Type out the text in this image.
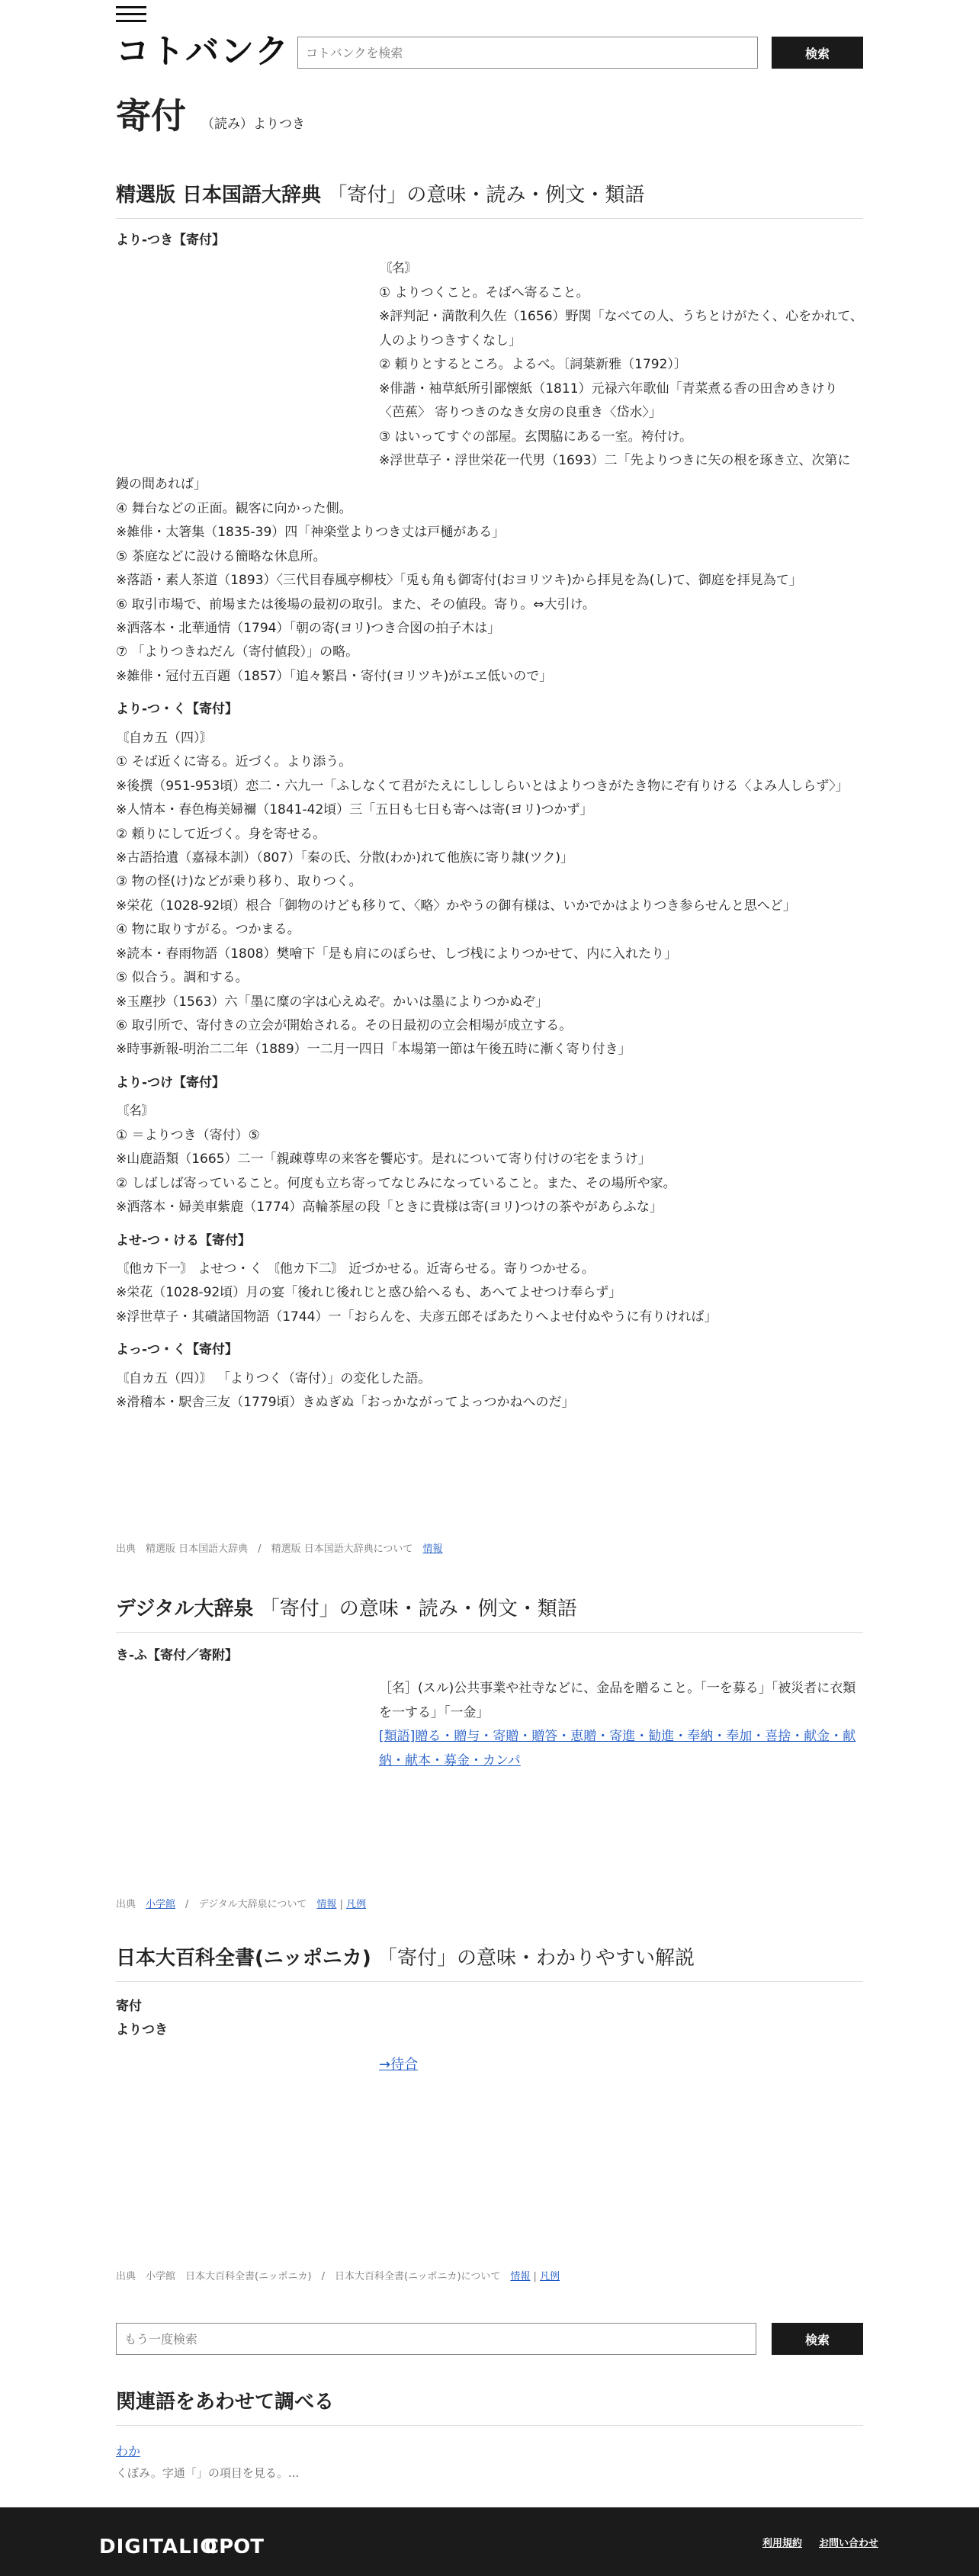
コトバンク
コトバンクを検索	検索
寄付 （読み）よりつき
精選版 日本国語大辞典 「寄付」の意味・読み・例文・類語
より‐つき【寄付】
〘名〙
① よりつくこと。そばへ寄ること。
※評判記・満散利久佐（1656）野関「なべての人、うちとけがたく、心をかれて、人のよりつきすくなし」
② 頼りとするところ。よるべ。〔詞葉新雅（1792）〕
※俳諧・袖草紙所引鄙懐紙（1811）元禄六年歌仙「青菜煮る香の田舎めきけり〈芭蕉〉 寄りつきのなき女房の良重き〈岱水〉」
③ はいってすぐの部屋。玄関脇にある一室。袴付け。
※浮世草子・浮世栄花一代男（1693）二「先よりつきに矢の根を琢き立、次第に鏝の間あれば」
④ 舞台などの正面。観客に向かった側。
※雑俳・太箸集（1835‐39）四「神楽堂よりつき丈は戸樋がある」
⑤ 茶庭などに設ける簡略な休息所。
※落語・素人茶道（1893）〈三代目春風亭柳枝〉「兎も角も御寄付(おヨリツキ)から拝見を為(し)て、御庭を拝見為て」
⑥ 取引市場で、前場または後場の最初の取引。また、その値段。寄り。⇔大引け。
※洒落本・北華通情（1794）「朝の寄(ヨリ)つき合図の拍子木は」
⑦ 「よりつきねだん（寄付値段）」の略。
※雑俳・冠付五百題（1857）「追々繁昌・寄付(ヨリツキ)がエヱ低いので」
より‐つ・く【寄付】
〘自カ五（四）〙
① そば近くに寄る。近づく。より添う。
※後撰（951‐953頃）恋二・六九一「ふしなくて君がたえにしししらいとはよりつきがたき物にぞ有りける〈よみ人しらず〉」
※人情本・春色梅美婦禰（1841‐42頃）三「五日も七日も寄へは寄(ヨリ)つかず」
② 頼りにして近づく。身を寄せる。
※古語拾遺（嘉禄本訓）（807）「秦の氏、分散(わか)れて他族に寄り隷(ツク)」
③ 物の怪(け)などが乗り移り、取りつく。
※栄花（1028‐92頃）根合「御物のけども移りて、〈略〉かやうの御有様は、いかでかはよりつき参らせんと思へど」
④ 物に取りすがる。つかまる。
※読本・春雨物語（1808）樊噲下「是も肩にのぼらせ、しづ桟によりつかせて、内に入れたり」
⑤ 似合う。調和する。
※玉塵抄（1563）六「墨に糜の字は心えぬぞ。かいは墨によりつかぬぞ」
⑥ 取引所で、寄付きの立会が開始される。その日最初の立会相場が成立する。
※時事新報‐明治二二年（1889）一二月一四日「本場第一節は午後五時に漸く寄り付き」
より‐つけ【寄付】
〘名〙
① ＝よりつき（寄付）⑤
※山鹿語類（1665）二一「親疎尊卑の来客を饗応す。是れについて寄り付けの宅をまうけ」
② しばしば寄っていること。何度も立ち寄ってなじみになっていること。また、その場所や家。
※洒落本・婦美車紫鹿（1774）高輪茶屋の段「ときに貴様は寄(ヨリ)つけの茶やがあらふな」
よせ‐つ・ける【寄付】
〘他カ下一〙 よせつ・く 〘他カ下二〙 近づかせる。近寄らせる。寄りつかせる。
※栄花（1028‐92頃）月の宴「後れじ後れじと惑ひ給へるも、あへてよせつけ奉らず」
※浮世草子・其磧諸国物語（1744）一「おらんを、夫彦五郎そばあたりへよせ付ぬやうに有りければ」
よっ‐つ・く【寄付】
〘自カ五（四）〙 「よりつく（寄付）」の変化した語。
※滑稽本・駅舎三友（1779頃）きぬぎぬ「おっかながってよっつかねへのだ」
出典　 精選版 日本国語大辞典　/　精選版 日本国語大辞典について　 情報
デジタル大辞泉 「寄付」の意味・読み・例文・類語
き‐ふ【寄付／寄附】
［名］(スル)公共事業や社寺などに、金品を贈ること。「一を募る」「被災者に衣類を一する」「一金」
[類語]贈る・贈与・寄贈・贈答・恵贈・寄進・勧進・奉納・奉加・喜捨・献金・献納・献本・募金・カンパ
出典　 小学館　/　デジタル大辞泉について　 情報 | 凡例
日本大百科全書(ニッポニカ) 「寄付」の意味・わかりやすい解説
寄付
よりつき
→待合
出典　小学館　日本大百科全書(ニッポニカ)　/　日本大百科全書(ニッポニカ)について　 情報 | 凡例
もう一度検索
検索
関連語をあわせて調べる
わか
くぼみ。字通「」の項目を見る。...
DIGITALIO
CPOT	利用規約 お問い合わせ
